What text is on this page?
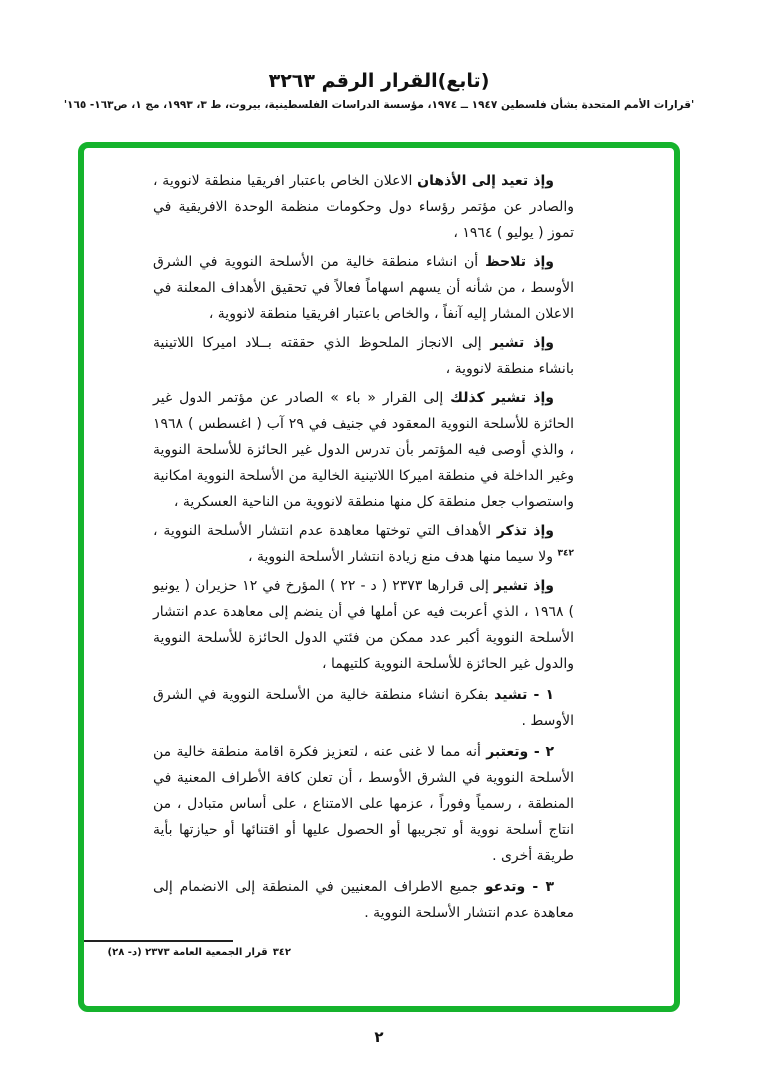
(تابع)القرار الرقم ٣٢٦٣
'قرارات الأمم المتحدة بشأن فلسطين ١٩٤٧ ــ ١٩٧٤، مؤسسة الدراسات الفلسطينية، بيروت، ط ٣، ١٩٩٣، مج ١، ص١٦٣- ١٦٥'

وإذ تعيد إلى الأذهان الاعلان الخاص باعتبار افريقيا منطقة لانووية ، والصادر عن مؤتمر رؤساء دول وحكومات منظمة الوحدة الافريقية في تموز ( يوليو ) ١٩٦٤ ،

وإذ تلاحظ أن انشاء منطقة خالية من الأسلحة النووية في الشرق الأوسط ، من شأنه أن يسهم اسهاماً فعالاً في تحقيق الأهداف المعلنة في الاعلان المشار إليه آنفاً ، والخاص باعتبار افريقيا منطقة لانووية ،

وإذ تشير إلى الانجاز الملحوظ الذي حققته بــلاد اميركا اللاتينية بانشاء منطقة لانووية ،

وإذ تشير كذلك إلى القرار « باء » الصادر عن مؤتمر الدول غير الحائزة للأسلحة النووية المعقود في جنيف في ٢٩ آب ( اغسطس ) ١٩٦٨ ، والذي أوصى فيه المؤتمر بأن تدرس الدول غير الحائزة للأسلحة النووية وغير الداخلة في منطقة اميركا اللاتينية الخالية من الأسلحة النووية امكانية واستصواب جعل منطقة كل منها منطقة لانووية من الناحية العسكرية ،

وإذ تذكر الأهداف التي توختها معاهدة عدم انتشار الأسلحة النووية ، $^{٣٤٢}$ ولا سيما منها هدف منع زيادة انتشار الأسلحة النووية ،

وإذ تشير إلى قرارها ٢٣٧٣ ( د - ٢٢ ) المؤرخ في ١٢ حزيران ( يونيو ) ١٩٦٨ ، الذي أعربت فيه عن أملها في أن ينضم إلى معاهدة عدم انتشار الأسلحة النووية أكبر عدد ممكن من فئتي الدول الحائزة للأسلحة النووية والدول غير الحائزة للأسلحة النووية كلتيهما ،

١ - تشيد بفكرة انشاء منطقة خالية من الأسلحة النووية في الشرق الأوسط .

٢ - وتعتبر أنه مما لا غنى عنه ، لتعزيز فكرة اقامة منطقة خالية من الأسلحة النووية في الشرق الأوسط ، أن تعلن كافة الأطراف المعنية في المنطقة ، رسمياً وفوراً ، عزمها على الامتناع ، على أساس متبادل ، من انتاج أسلحة نووية أو تجريبها أو الحصول عليها أو اقتنائها أو حيازتها بأية طريقة أخرى .

٣ - وتدعو جميع الاطراف المعنيين في المنطقة إلى الانضمام إلى معاهدة عدم انتشار الأسلحة النووية .

٣٤٢قرار الجمعية العامة ٢٣٧٣ (د- ٢٨)

٢
